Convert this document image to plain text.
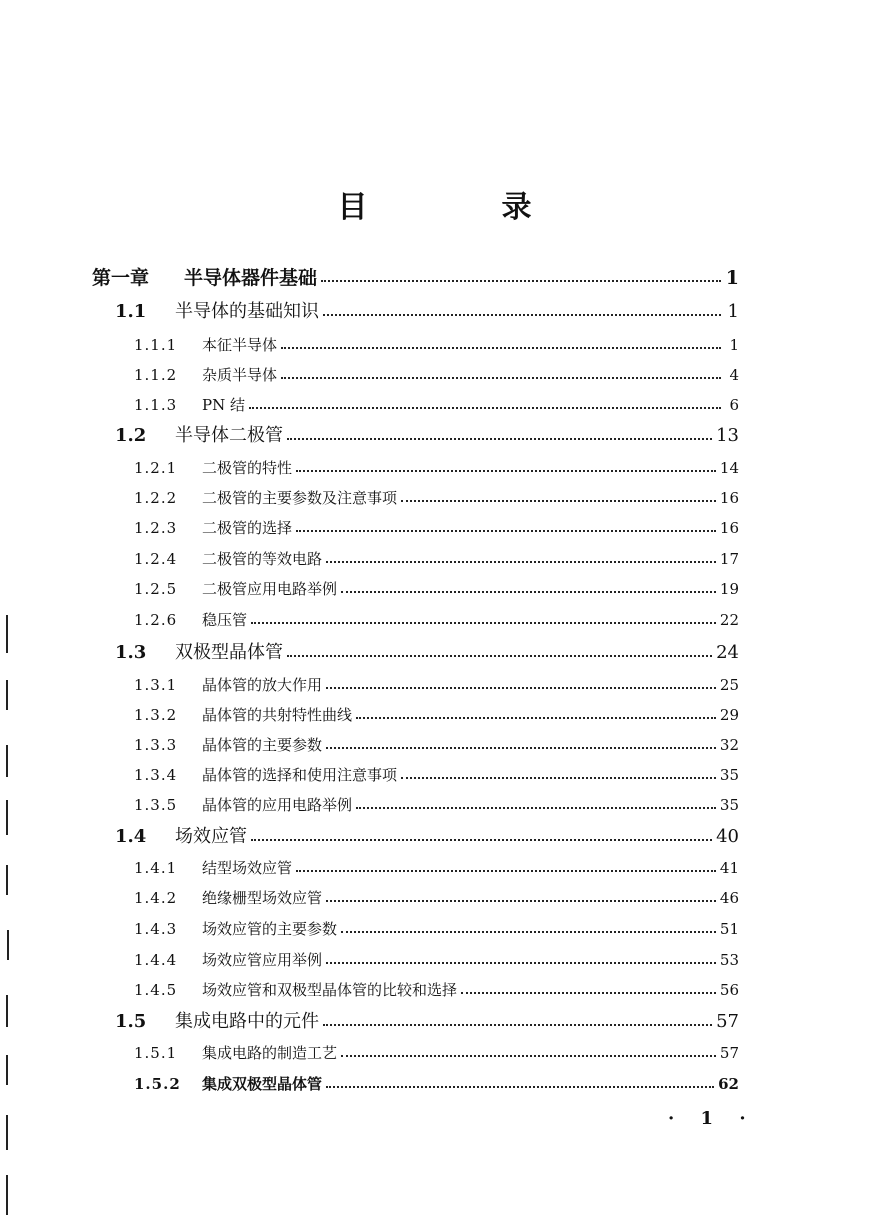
目　录
第一章	半导体器件基础	1
1.1	半导体的基础知识	1
1.1.1	本征半导体	1
1.1.2	杂质半导体	4
1.1.3	PN 结	6
1.2	半导体二极管	13
1.2.1	二极管的特性	14
1.2.2	二极管的主要参数及注意事项	16
1.2.3	二极管的选择	16
1.2.4	二极管的等效电路	17
1.2.5	二极管应用电路举例	19
1.2.6	稳压管	22
1.3	双极型晶体管	24
1.3.1	晶体管的放大作用	25
1.3.2	晶体管的共射特性曲线	29
1.3.3	晶体管的主要参数	32
1.3.4	晶体管的选择和使用注意事项	35
1.3.5	晶体管的应用电路举例	35
1.4	场效应管	40
1.4.1	结型场效应管	41
1.4.2	绝缘栅型场效应管	46
1.4.3	场效应管的主要参数	51
1.4.4	场效应管应用举例	53
1.4.5	场效应管和双极型晶体管的比较和选择	56
1.5	集成电路中的元件	57
1.5.1	集成电路的制造工艺	57
1.5.2	集成双极型晶体管	62
· 1 ·
